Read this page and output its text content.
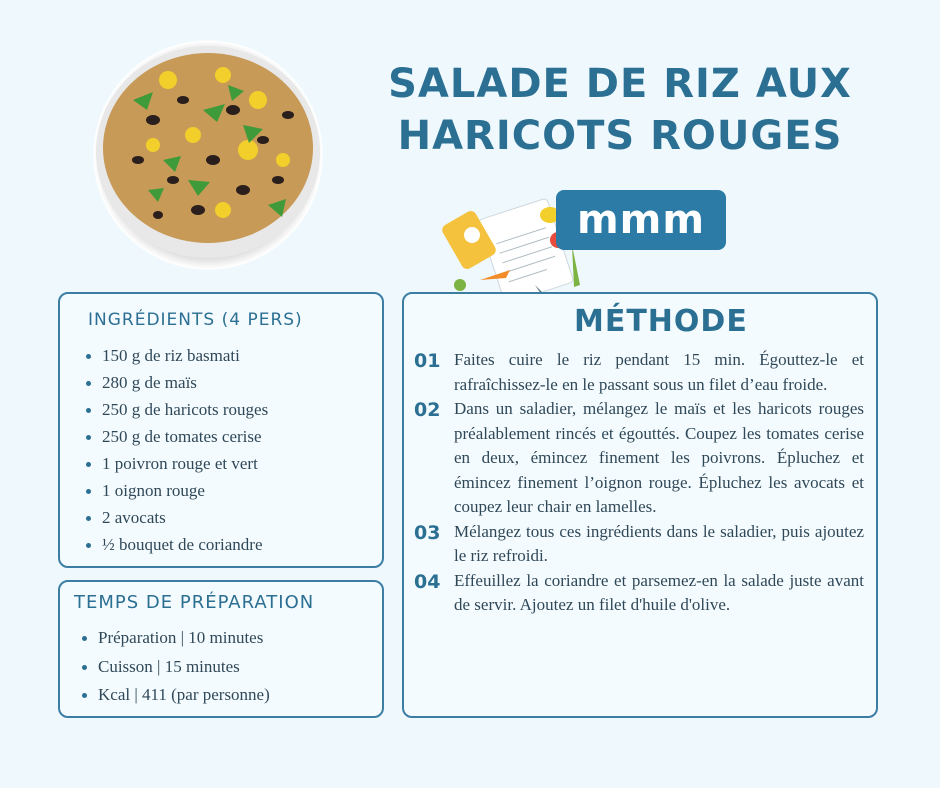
SALADE DE RIZ AUX
HARICOTS ROUGES
mmm
INGRÉDIENTS (4 PERS)
150 g de riz basmati
280 g de maïs
250 g de haricots rouges
250 g de tomates cerise
1 poivron rouge et vert
1 oignon rouge
2 avocats
½ bouquet de coriandre
TEMPS DE PRÉPARATION
Préparation | 10 minutes
Cuisson | 15 minutes
Kcal | 411 (par personne)
MÉTHODE
01 Faites cuire le riz pendant 15 min. Égouttez-le et rafraîchissez-le en le passant sous un filet d’eau froide.
02 Dans un saladier, mélangez le maïs et les haricots rouges préalablement rincés et égouttés. Coupez les tomates cerise en deux, émincez finement les poivrons. Épluchez et émincez finement l’oignon rouge. Épluchez les avocats et coupez leur chair en lamelles.
03 Mélangez tous ces ingrédients dans le saladier, puis ajoutez le riz refroidi.
04 Effeuillez la coriandre et parsemez-en la salade juste avant de servir. Ajoutez un filet d'huile d'olive.
